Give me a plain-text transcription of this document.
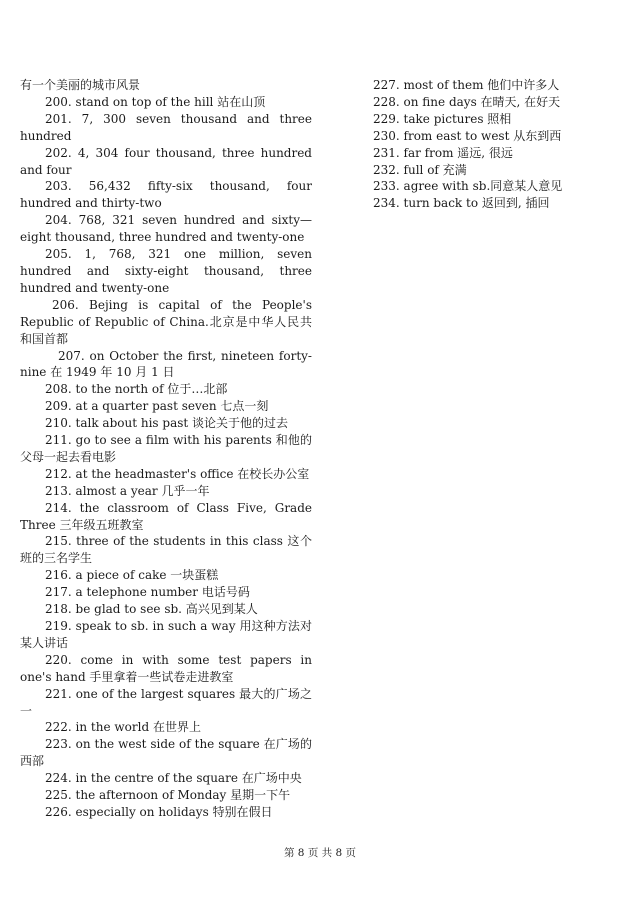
有一个美丽的城市风景

200. stand on top of the hill 站在山顶

201. 7, 300 seven thousand and three hundred

202. 4, 304 four thousand, three hundred and four

203. 56,432 fifty-six thousand, four hundred and thirty-two

204. 768, 321 seven hundred and sixty—eight thousand, three hundred and twenty-one

205. 1, 768, 321 one million, seven hundred and sixty-eight thousand, three hundred and twenty-one

206. Bejing is capital of the People's Republic of Republic of China.北京是中华人民共和国首都

207. on October the first, nineteen forty-nine 在 1949 年 10 月 1 日

208. to the north of 位于…北部

209. at a quarter past seven 七点一刻

210. talk about his past 谈论关于他的过去

211. go to see a film with his parents 和他的父母一起去看电影

212. at the headmaster's office 在校长办公室

213. almost a year 几乎一年

214. the classroom of Class Five, Grade Three 三年级五班教室

215. three of the students in this class 这个班的三名学生

216. a piece of cake 一块蛋糕

217. a telephone number 电话号码

218. be glad to see sb. 高兴见到某人

219. speak to sb. in such a way 用这种方法对某人讲话

220. come in with some test papers in one's hand 手里拿着一些试卷走进教室

221. one of the largest squares 最大的广场之一

222. in the world 在世界上

223. on the west side of the square 在广场的西部

224. in the centre of the square 在广场中央

225. the afternoon of Monday 星期一下午

226. especially on holidays 特别在假日

227. most of them 他们中许多人

228. on fine days 在晴天, 在好天

229. take pictures 照相

230. from east to west 从东到西

231. far from 遥远, 很远

232. full of 充满

233. agree with sb.同意某人意见

234. turn back to 返回到, 插回

第 8 页 共 8 页
